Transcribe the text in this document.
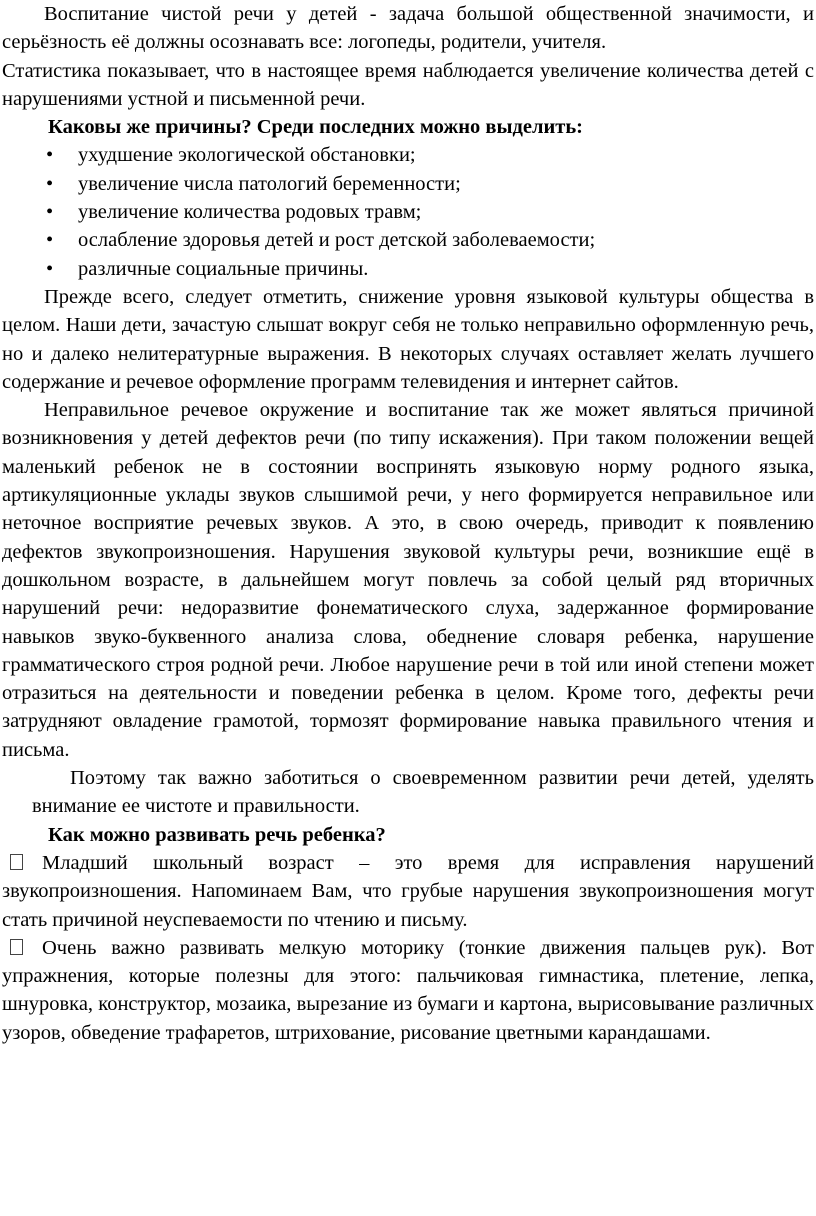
Воспитание чистой речи у детей - задача большой общественной значимости, и серьёзность её должны осознавать все: логопеды, родители, учителя.

Статистика показывает, что в настоящее время наблюдается увеличение количества детей с нарушениями устной и письменной речи.

Каковы же причины? Среди последних можно выделить:

• ухудшение экологической обстановки;
• увеличение числа патологий беременности;
• увеличение количества родовых травм;
• ослабление здоровья детей и рост детской заболеваемости;
• различные социальные причины.

Прежде всего, следует отметить, снижение уровня языковой культуры общества в целом. Наши дети, зачастую слышат вокруг себя не только неправильно оформленную речь, но и далеко нелитературные выражения. В некоторых случаях оставляет желать лучшего содержание и речевое оформление программ телевидения и интернет сайтов.

Неправильное речевое окружение и воспитание так же может являться причиной возникновения у детей дефектов речи (по типу искажения). При таком положении вещей маленький ребенок не в состоянии воспринять языковую норму родного языка, артикуляционные уклады звуков слышимой речи, у него формируется неправильное или неточное восприятие речевых звуков. А это, в свою очередь, приводит к появлению дефектов звукопроизношения. Нарушения звуковой культуры речи, возникшие ещё в дошкольном возрасте, в дальнейшем могут повлечь за собой целый ряд вторичных нарушений речи: недоразвитие фонематического слуха, задержанное формирование навыков звуко-буквенного анализа слова, обеднение словаря ребенка, нарушение грамматического строя родной речи. Любое нарушение речи в той или иной степени может отразиться на деятельности и поведении ребенка в целом. Кроме того, дефекты речи затрудняют овладение грамотой, тормозят формирование навыка правильного чтения и письма.

Поэтому так важно заботиться о своевременном развитии речи детей, уделять внимание ее чистоте и правильности.

Как можно развивать речь ребенка?

Младший школьный возраст – это время для исправления нарушений звукопроизношения. Напоминаем Вам, что грубые нарушения звукопроизношения могут стать причиной неуспеваемости по чтению и письму.

Очень важно развивать мелкую моторику (тонкие движения пальцев рук). Вот упражнения, которые полезны для этого: пальчиковая гимнастика, плетение, лепка, шнуровка, конструктор, мозаика, вырезание из бумаги и картона, вырисовывание различных узоров, обведение трафаретов, штрихование, рисование цветными карандашами.
